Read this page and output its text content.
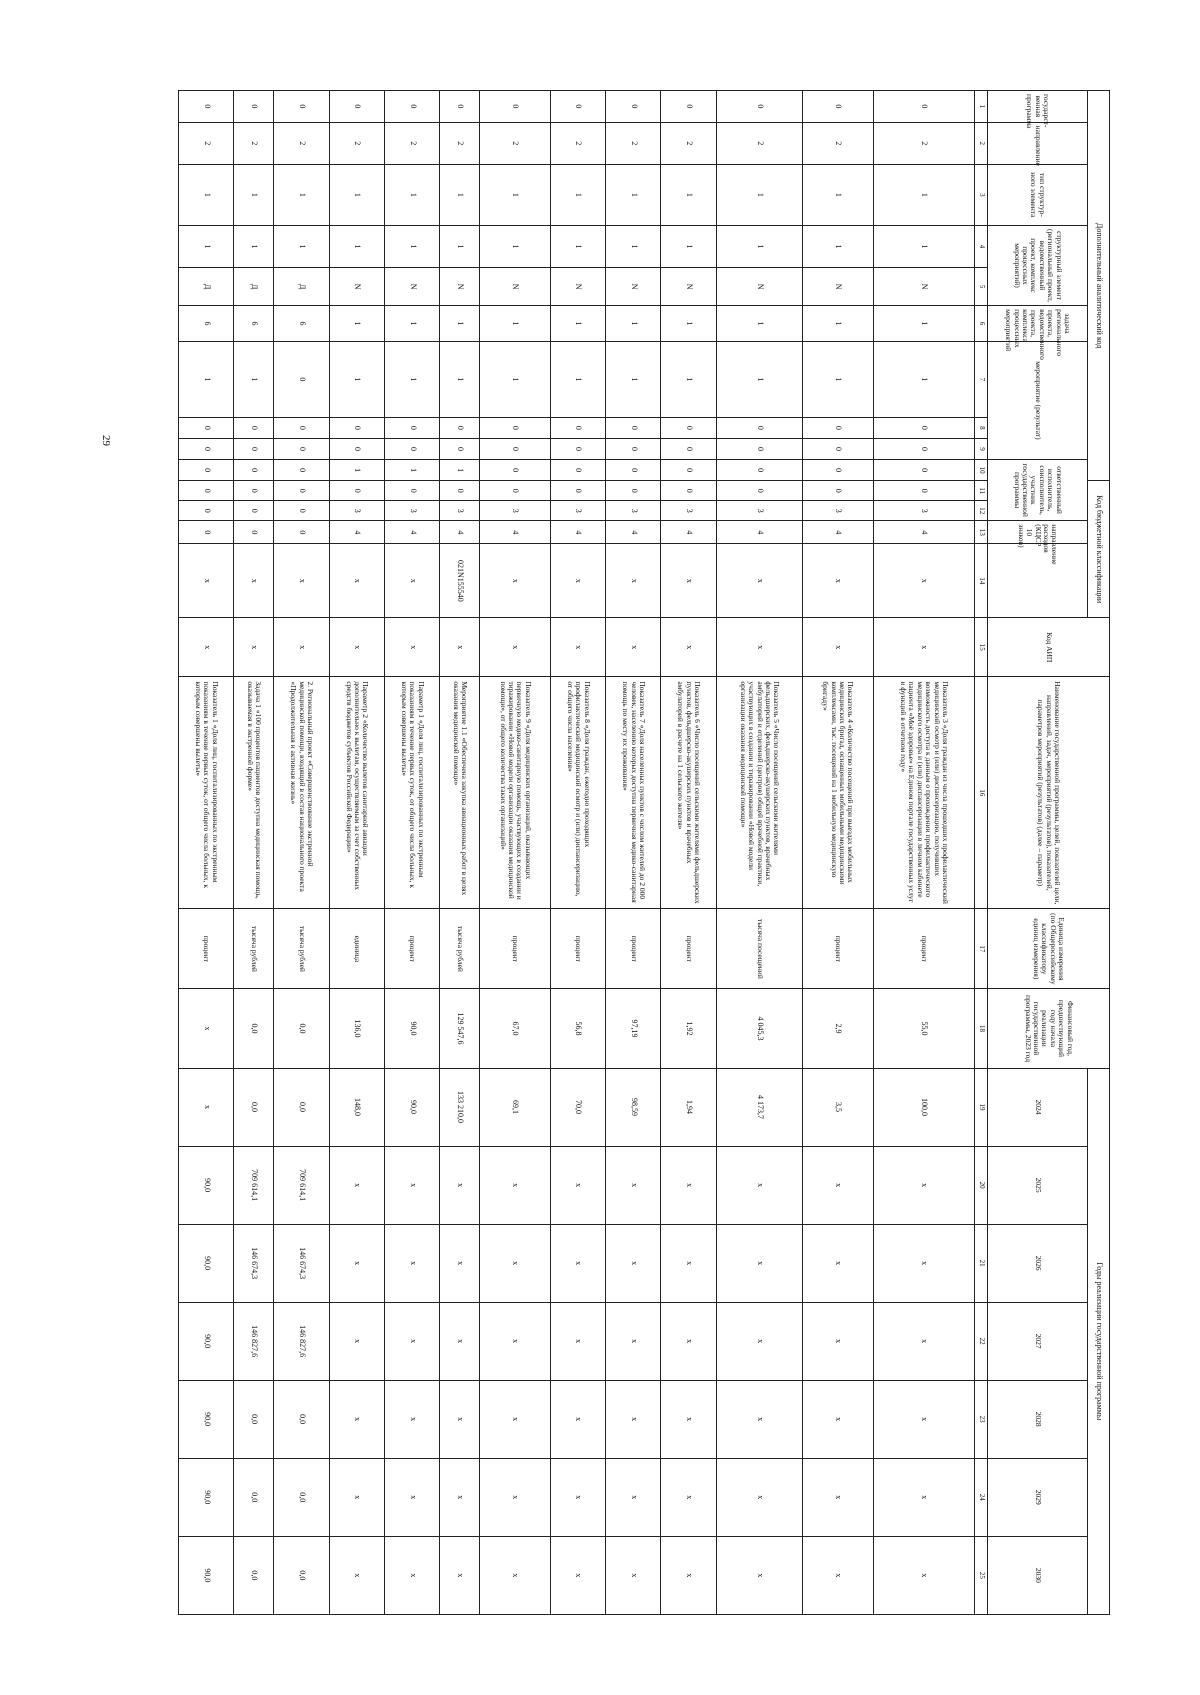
29
Дополнительный аналитический код										Код бюджетной классификации				Код АИП	Наименование государственной программы, целей, показателей цели, направлений, задач, мероприятий (результатов), показателей, параметров мероприятий (результатов) (далее – параметр)	Единица измерения (по Общероссийскому классификатору единиц измерения)	Финансовый год, предшествующий году начала реализации государственной программы, 2023 год	Годы реализации государственной программы						
государст- венная программа	направление	тип структур- ного элемента	структурный элемент (региональный проект, ведомственный проект, комплекс процессных мероприятий)		задача регионального проекта, ведомственного проекта, комплекса процессных мероприятий	мероприятие (результат)			ответственный исполнитель, соисполнитель, участник государственной программы			направление расходов (КЦСР 10 знаков)						2024	2025	2026	2027	2028	2029	2030
1	2	3	4	5	6	7	8	9	10	11	12	13	14	15	16	17	18	19	20	21	22	23	24	25
0	2	1	1	N	1	1	0	0	0	0	3	4	x	x	Показатель 3 «Доля граждан из числа прошедших профилактический медицинский осмотр и (или) диспансеризацию, получивших возможность доступа к данным о прохождении профилактического медицинского осмотра и (или) диспансеризации в личном кабинете пациента «Моё здоровье» на Едином портале государственных услуг и функций в отчетном году»	процент	55,0	100,0	x	x	x	x	x	x
0	2	1	1	N	1	1	0	0	0	0	3	4	x	x	Показатель 4 «Количество посещений при выездах мобильных медицинских бригад, оснащенных мобильными медицинскими комплексами, тыс. посещений на 1 мобильную медицинскую бригаду»	процент	2,9	3,5	x	x	x	x	x	x
0	2	1	1	N	1	1	0	0	0	0	3	4	x	x	Показатель 5 «Число посещений сельскими жителями фельдшерских, фельдшерско-акушерских пунктов, врачебных амбулаторий и отделений (центров) общей врачебной практики, участвующих в создании и тиражировании «Новой модели организации оказания медицинской помощи»	тысяча посещений	4 045,3	4 173,7	x	x	x	x	x	x
0	2	1	1	N	1	1	0	0	0	0	3	4	x	x	Показатель 6 «Число посещений сельскими жителями фельдшерских пунктов, фельдшерско-акушерских пунктов и врачебных амбулаторий в расчете на 1 сельского жителя»	процент	1,92	1,94	x	x	x	x	x	x
0	2	1	1	N	1	1	0	0	0	0	3	4	x	x	Показатель 7 «Доля населенных пунктов с числом жителей до 2 000 человек, населению которых доступна первичная медико-санитарная помощь по месту их проживания»	процент	97,19	98,59	x	x	x	x	x	x
0	2	1	1	N	1	1	0	0	0	0	3	4	x	x	Показатель 8 «Доля граждан, ежегодно проходящих профилактический медицинский осмотр и (или) диспансеризацию, от общего числа населения»	процент	56,8	70,0	x	x	x	x	x	x
0	2	1	1	N	1	1	0	0	0	0	3	4	x	x	Показатель 9 «Доля медицинских организаций, оказывающих первичную медико-санитарную помощь, участвующих в создании и тиражировании «Новой модели организации оказания медицинской помощи», от общего количества таких организаций»	процент	67,0	69,1	x	x	x	x	x	x
0	2	1	1	N	1	1	0	0	1	0	3	4	021N155540	x	Мероприятие 1.1 «Обеспечена закупка авиационных работ в целях оказания медицинской помощи»	тысяча рублей	129 547,6	133 210,0	x	x	x	x	x	x
0	2	1	1	N	1	1	0	0	1	0	3	4	x	x	Параметр 1 «Доля лиц, госпитализированных по экстренным показаниям в течение первых суток, от общего числа больных, к которым совершены вылеты»	процент	90,0	90,0	x	x	x	x	x	x
0	2	1	1	N	1	1	0	0	1	0	3	4	x	x	Параметр 2 «Количество вылетов санитарной авиации дополнительно к вылетам, осуществляемым за счет собственных средств бюджетов субъектов Российской Федерации»	единица	136,0	148,0	x	x	x	x	x	x
0	2	1	1	Д	6	0	0	0	0	0	0	0	x	x	2. Региональный проект «Совершенствование экстренной медицинской помощи, входящий в состав национального проекта «Продолжительная и активная жизнь»	тысяча рублей	0,0	0,0	709 614,1	146 674,3	146 827,6	0,0	0,0	0,0
0	2	1	1	Д	6	1	0	0	0	0	0	0	x	x	Задача 1 «100 процентов пациентов доступна медицинская помощь, оказываемая в экстренной форме»	тысяча рублей	0,0	0,0	709 614,1	146 674,3	146 827,6	0,0	0,0	0,0
0	2	1	1	Д	6	1	0	0	0	0	0	0	x	x	Показатель 1 «Доля лиц, госпитализированных по экстренным показаниям в течение первых суток, от общего числа больных, к которым совершены вылеты»	процент	x	x	90,0	90,0	90,0	90,0	90,0	90,0
